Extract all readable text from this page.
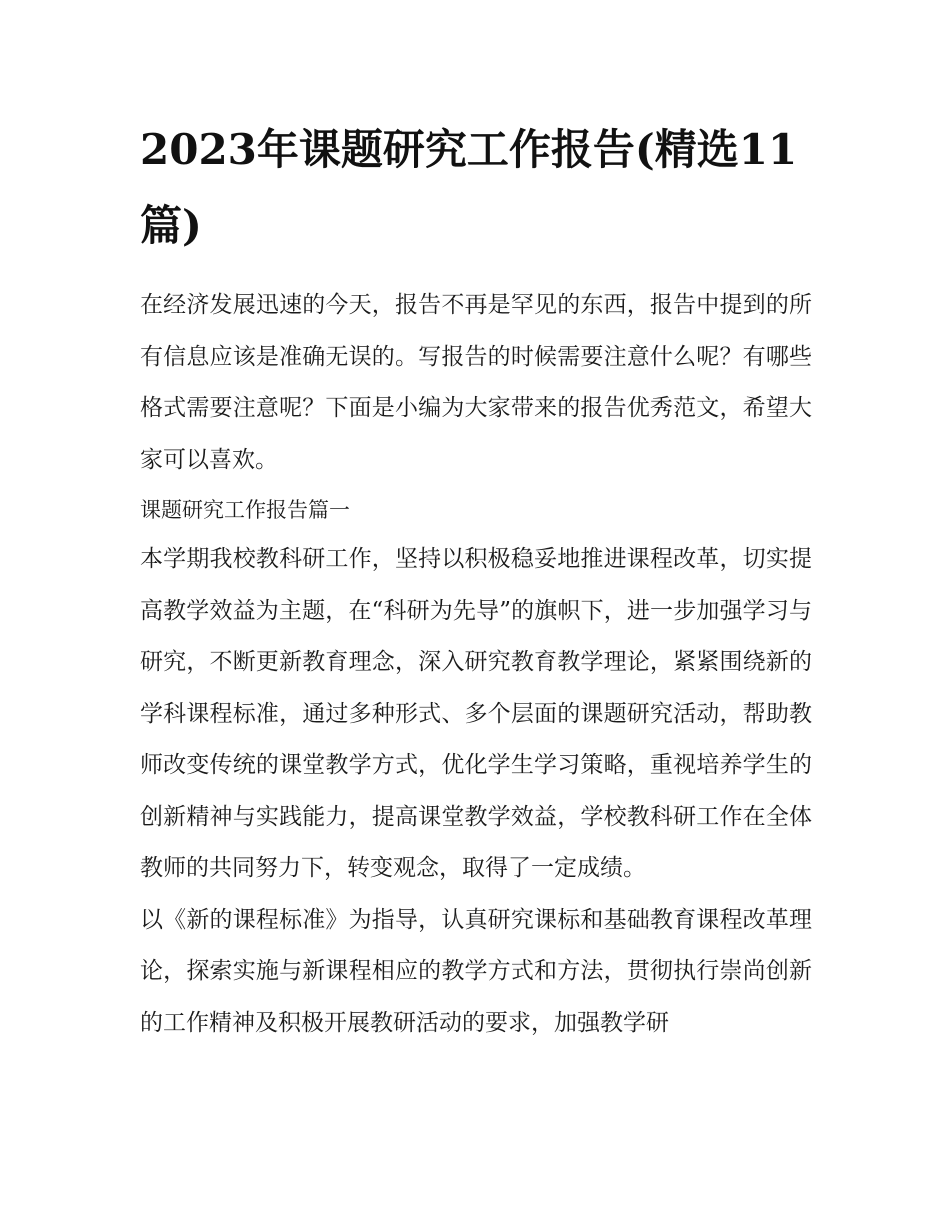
2023年课题研究工作报告(精选11篇)

在经济发展迅速的今天，报告不再是罕见的东西，报告中提到的所有信息应该是准确无误的。写报告的时候需要注意什么呢？有哪些格式需要注意呢？下面是小编为大家带来的报告优秀范文，希望大家可以喜欢。

课题研究工作报告篇一

本学期我校教科研工作，坚持以积极稳妥地推进课程改革，切实提高教学效益为主题，在“科研为先导”的旗帜下，进一步加强学习与研究，不断更新教育理念，深入研究教育教学理论，紧紧围绕新的学科课程标准，通过多种形式、多个层面的课题研究活动，帮助教师改变传统的课堂教学方式，优化学生学习策略，重视培养学生的创新精神与实践能力，提高课堂教学效益，学校教科研工作在全体教师的共同努力下，转变观念，取得了一定成绩。

以《新的课程标准》为指导，认真研究课标和基础教育课程改革理论，探索实施与新课程相应的教学方式和方法，贯彻执行崇尚创新的工作精神及积极开展教研活动的要求，加强教学研
